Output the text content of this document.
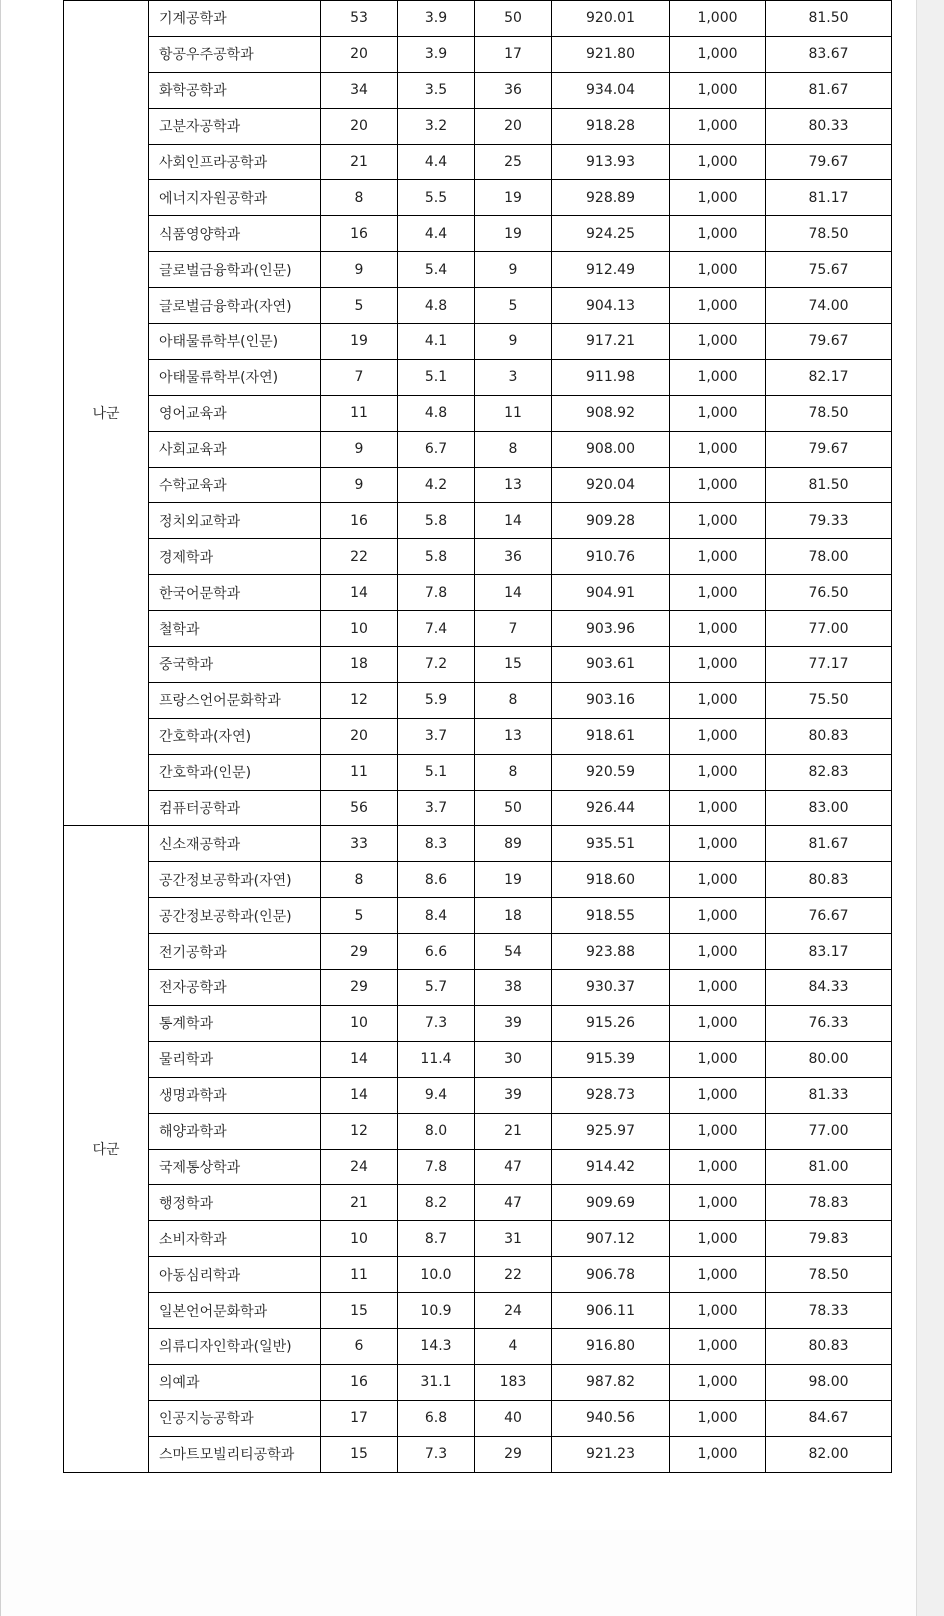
나군	기계공학과	53	3.9	50	920.01	1,000	81.50
	항공우주공학과	20	3.9	17	921.80	1,000	83.67
	화학공학과	34	3.5	36	934.04	1,000	81.67
	고분자공학과	20	3.2	20	918.28	1,000	80.33
	사회인프라공학과	21	4.4	25	913.93	1,000	79.67
	에너지자원공학과	8	5.5	19	928.89	1,000	81.17
	식품영양학과	16	4.4	19	924.25	1,000	78.50
	글로벌금융학과(인문)	9	5.4	9	912.49	1,000	75.67
	글로벌금융학과(자연)	5	4.8	5	904.13	1,000	74.00
	아태물류학부(인문)	19	4.1	9	917.21	1,000	79.67
	아태물류학부(자연)	7	5.1	3	911.98	1,000	82.17
	영어교육과	11	4.8	11	908.92	1,000	78.50
	사회교육과	9	6.7	8	908.00	1,000	79.67
	수학교육과	9	4.2	13	920.04	1,000	81.50
	정치외교학과	16	5.8	14	909.28	1,000	79.33
	경제학과	22	5.8	36	910.76	1,000	78.00
	한국어문학과	14	7.8	14	904.91	1,000	76.50
	철학과	10	7.4	7	903.96	1,000	77.00
	중국학과	18	7.2	15	903.61	1,000	77.17
	프랑스언어문화학과	12	5.9	8	903.16	1,000	75.50
	간호학과(자연)	20	3.7	13	918.61	1,000	80.83
	간호학과(인문)	11	5.1	8	920.59	1,000	82.83
	컴퓨터공학과	56	3.7	50	926.44	1,000	83.00
다군	신소재공학과	33	8.3	89	935.51	1,000	81.67
	공간정보공학과(자연)	8	8.6	19	918.60	1,000	80.83
	공간정보공학과(인문)	5	8.4	18	918.55	1,000	76.67
	전기공학과	29	6.6	54	923.88	1,000	83.17
	전자공학과	29	5.7	38	930.37	1,000	84.33
	통계학과	10	7.3	39	915.26	1,000	76.33
	물리학과	14	11.4	30	915.39	1,000	80.00
	생명과학과	14	9.4	39	928.73	1,000	81.33
	해양과학과	12	8.0	21	925.97	1,000	77.00
	국제통상학과	24	7.8	47	914.42	1,000	81.00
	행정학과	21	8.2	47	909.69	1,000	78.83
	소비자학과	10	8.7	31	907.12	1,000	79.83
	아동심리학과	11	10.0	22	906.78	1,000	78.50
	일본언어문화학과	15	10.9	24	906.11	1,000	78.33
	의류디자인학과(일반)	6	14.3	4	916.80	1,000	80.83
	의예과	16	31.1	183	987.82	1,000	98.00
	인공지능공학과	17	6.8	40	940.56	1,000	84.67
	스마트모빌리티공학과	15	7.3	29	921.23	1,000	82.00
